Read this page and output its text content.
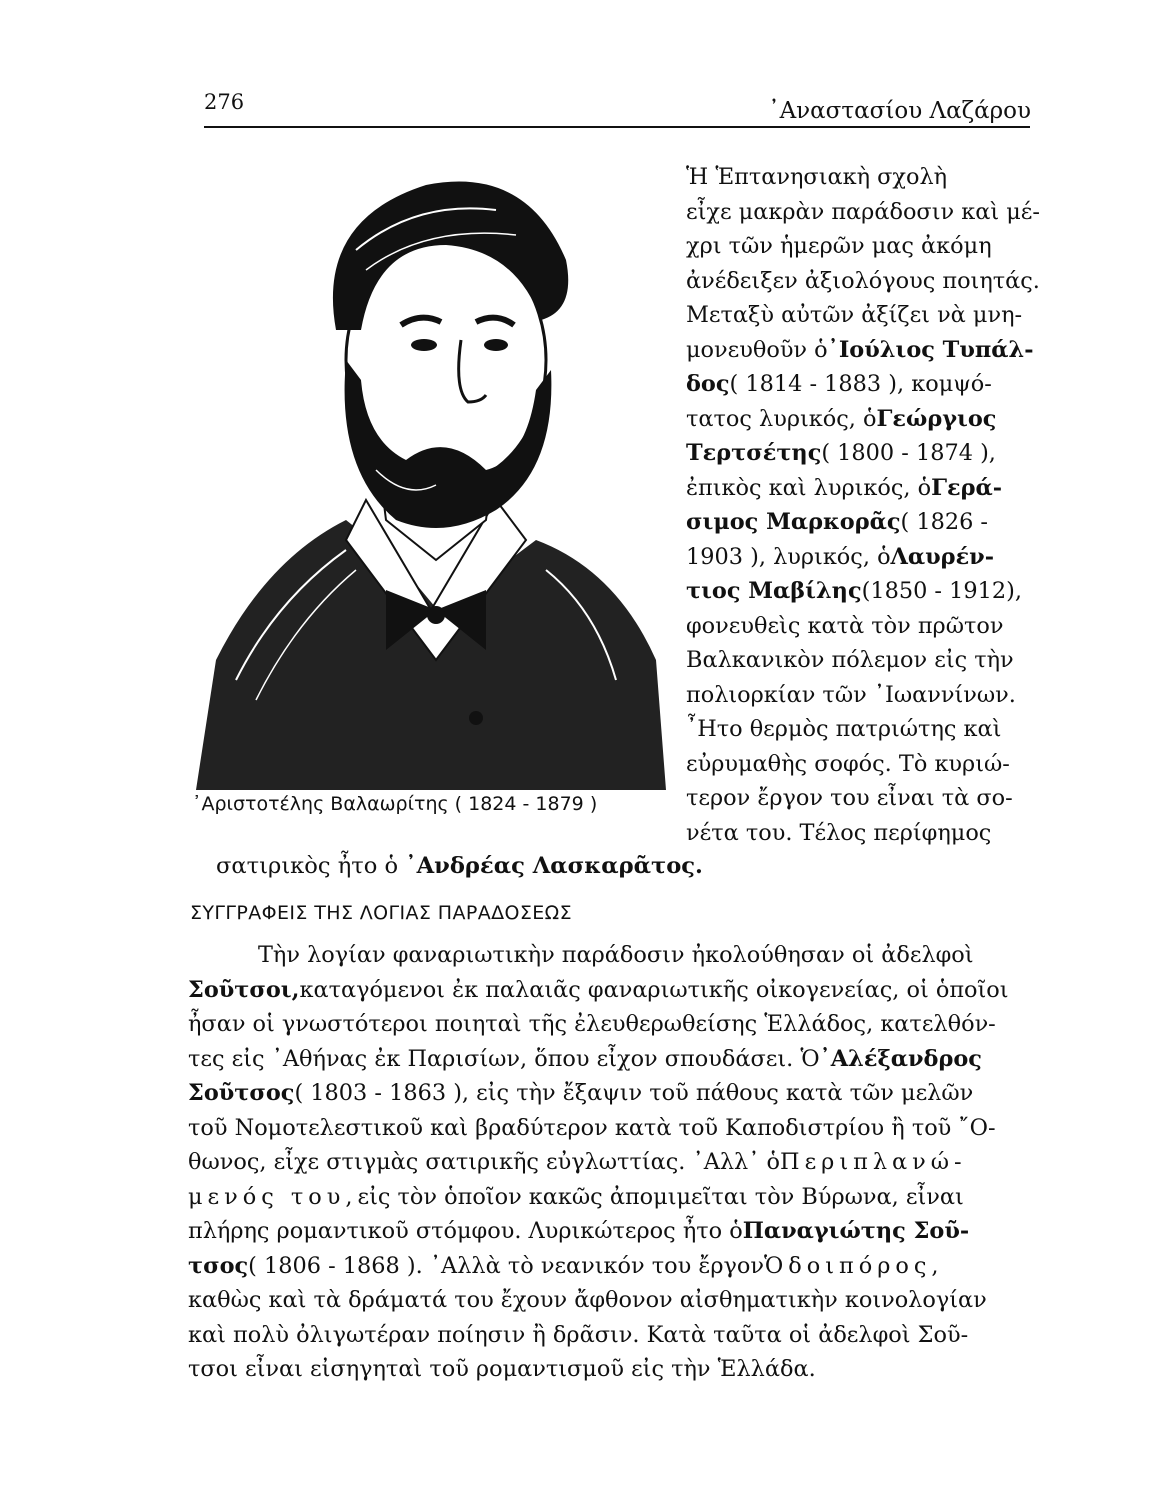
276	᾿Αναστασίου Λαζάρου
᾿Αριστοτέλης Βαλαωρίτης ( 1824 - 1879 )
Ἡ Ἑπτανησιακὴ σχολὴ
εἶχε μακρὰν παράδοσιν καὶ μέ-
χρι τῶν ἡμερῶν μας ἀκόμη
ἀνέδειξεν ἀξιολόγους ποιητάς.
Μεταξὺ αὐτῶν ἀξίζει νὰ μνη-
μονευθοῦν ὁ ᾿Ιούλιος Τυπάλ-
δος ( 1814 - 1883 ), κομψό-
τατος λυρικός, ὁ Γεώργιος
Τερτσέτης ( 1800 - 1874 ),
ἐπικὸς καὶ λυρικός, ὁ Γερά-
σιμος Μαρκορᾶς ( 1826 -
1903 ), λυρικός, ὁ Λαυρέν-
τιος Μαβίλης (1850 - 1912),
φονευθεὶς κατὰ τὸν πρῶτον
Βαλκανικὸν πόλεμον εἰς τὴν
πολιορκίαν τῶν ᾿Ιωαννίνων.
῏Ητο θερμὸς πατριώτης καὶ
εὐρυμαθὴς σοφός. Τὸ κυριώ-
τερον ἔργον του εἶναι τὰ σο-
νέτα του. Τέλος περίφημος
σατιρικὸς ἦτο ὁ ᾿Ανδρέας Λασκαρᾶτος.
ΣΥΓΓΡΑΦΕΙΣ ΤΗΣ ΛΟΓΙΑΣ ΠΑΡΑΔΟΣΕΩΣ
Τὴν λογίαν φαναριωτικὴν παράδοσιν ἠκολούθησαν οἱ ἀδελφοὶ
Σοῦτσοι, καταγόμενοι ἐκ παλαιᾶς φαναριωτικῆς οἰκογενείας, οἱ ὁποῖοι
ἦσαν οἱ γνωστότεροι ποιηταὶ τῆς ἐλευθερωθείσης Ἑλλάδος, κατελθόν-
τες εἰς ᾿Αθήνας ἐκ Παρισίων, ὅπου εἶχον σπουδάσει. Ὁ ᾿Αλέξανδρος
Σοῦτσος ( 1803 - 1863 ), εἰς τὴν ἔξαψιν τοῦ πάθους κατὰ τῶν μελῶν
τοῦ Νομοτελεστικοῦ καὶ βραδύτερον κατὰ τοῦ Καποδιστρίου ἢ τοῦ ῎Ο-
θωνος, εἶχε στιγμὰς σατιρικῆς εὐγλωττίας. ᾿Αλλ᾿ ὁ Περιπλανώ-
μενός του, εἰς τὸν ὁποῖον κακῶς ἀπομιμεῖται τὸν Βύρωνα, εἶναι
πλήρης ρομαντικοῦ στόμφου. Λυρικώτερος ἦτο ὁ Παναγιώτης Σοῦ-
τσος ( 1806 - 1868 ). ᾿Αλλὰ τὸ νεανικόν του ἔργον Ὁδοιπόρος,
καθὼς καὶ τὰ δράματά του ἔχουν ἄφθονον αἰσθηματικὴν κοινολογίαν
καὶ πολὺ ὀλιγωτέραν ποίησιν ἢ δρᾶσιν. Κατὰ ταῦτα οἱ ἀδελφοὶ Σοῦ-
τσοι εἶναι εἰσηγηταὶ τοῦ ρομαντισμοῦ εἰς τὴν Ἑλλάδα.
